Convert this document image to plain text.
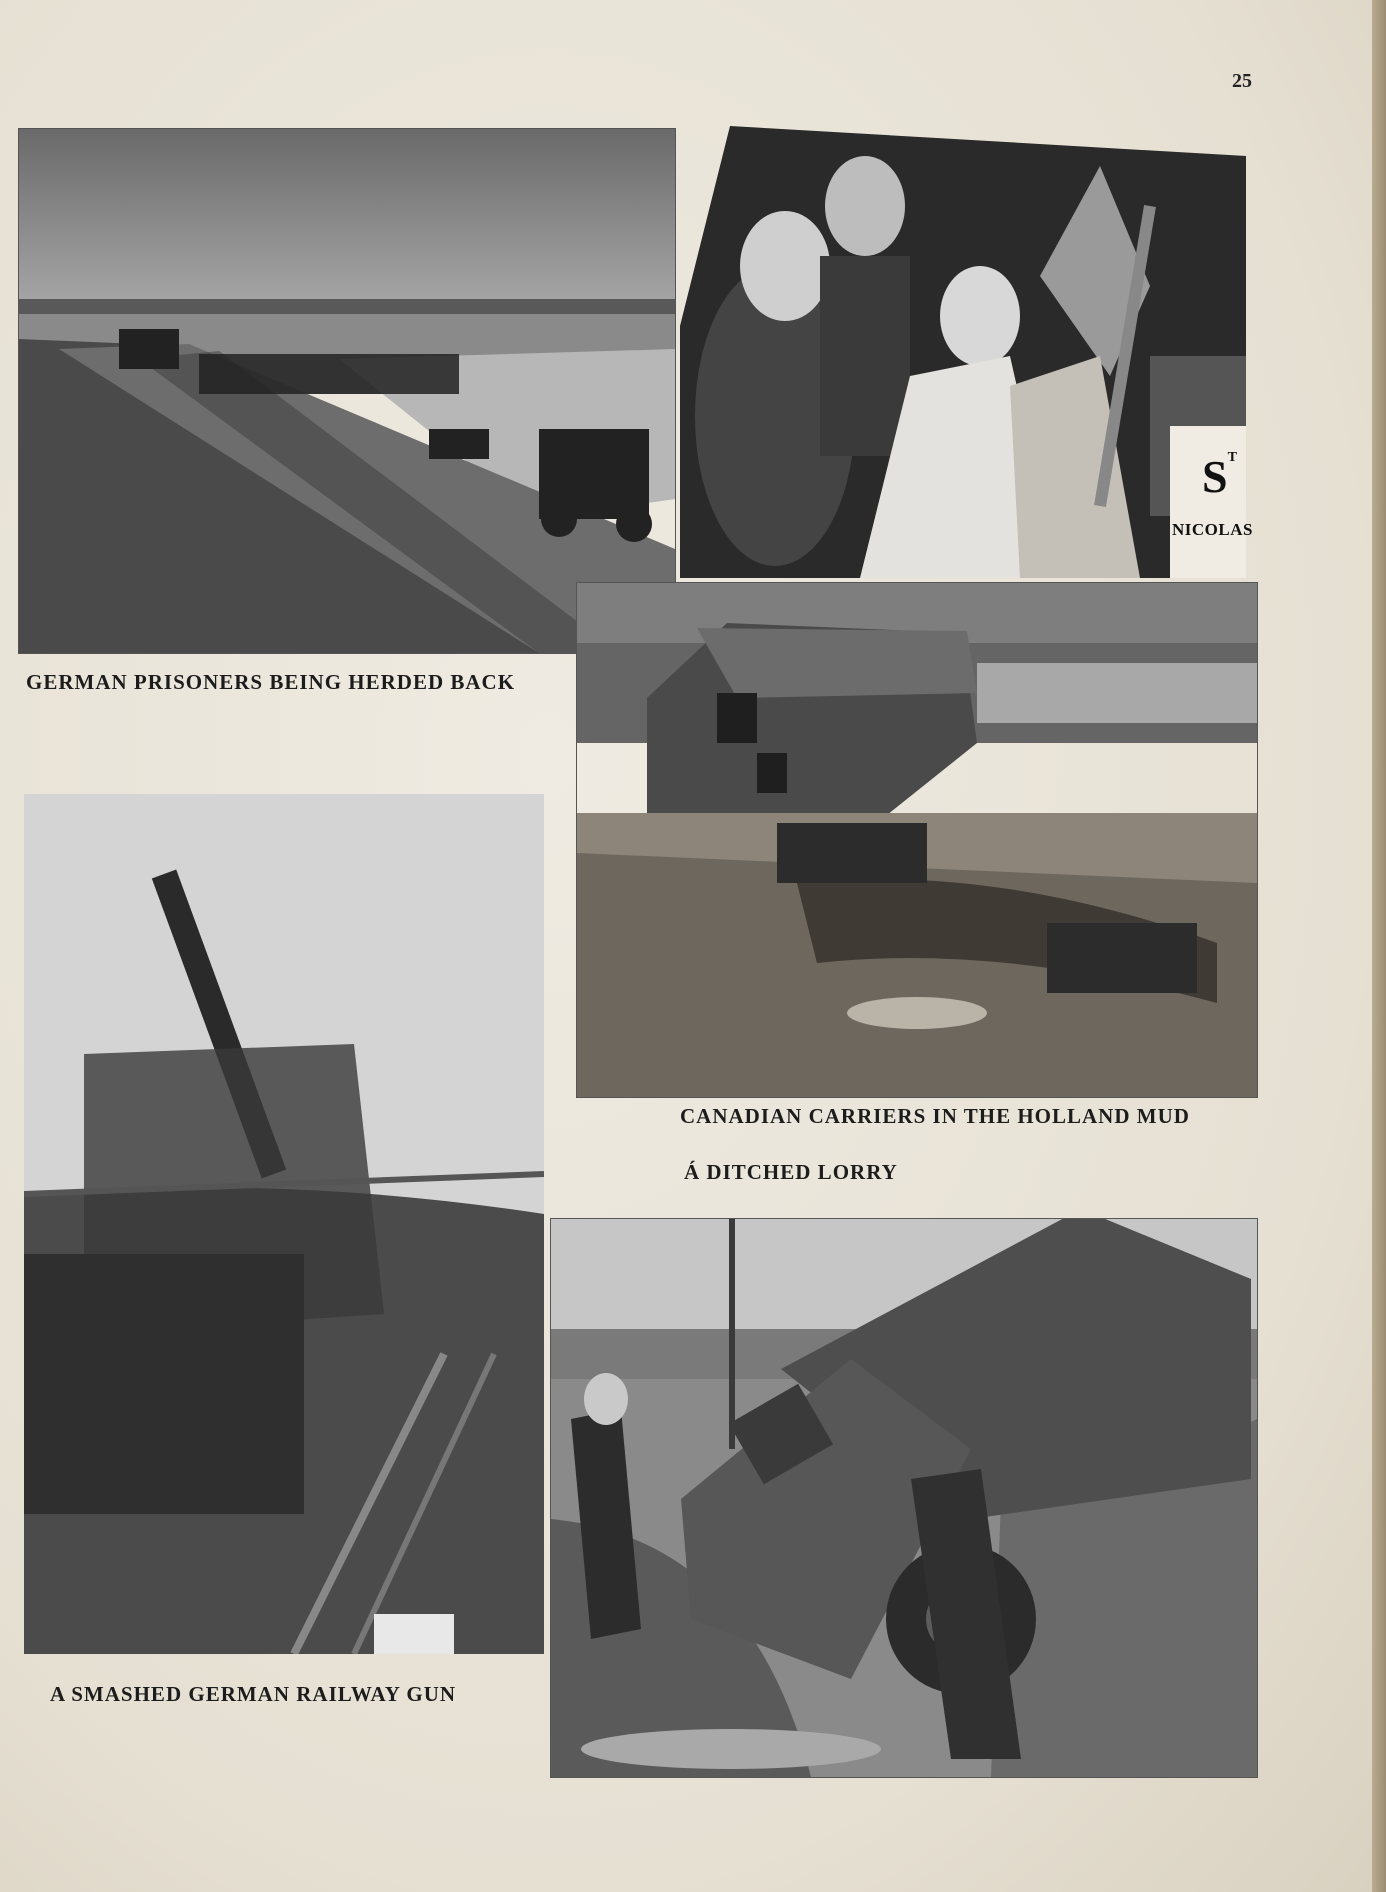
25
$S^T$
NICOLAS
GERMAN PRISONERS BEING HERDED BACK
CANADIAN CARRIERS IN THE HOLLAND MUD
Á DITCHED LORRY
A SMASHED GERMAN RAILWAY GUN
